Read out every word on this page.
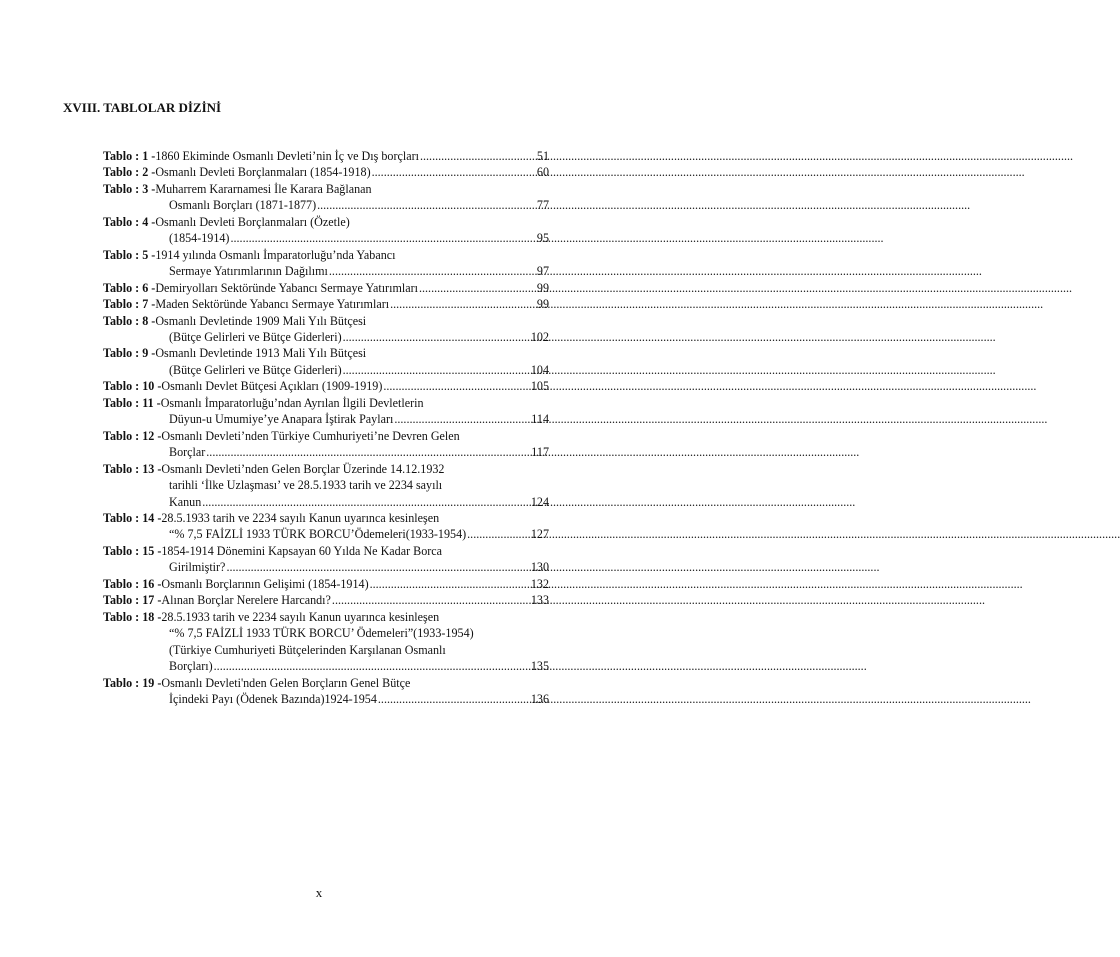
XVIII. TABLOLAR DİZİNİ
Tablo : 1 - 1860 Ekiminde Osmanlı Devleti’nin İç ve Dış borçları .....	51
Tablo : 2 - Osmanlı Devleti Borçlanmaları (1854-1918) .....	60
Tablo : 3 - Muharrem Kararnamesi İle Karara Bağlanan
Osmanlı Borçları (1871-1877) .....	77
Tablo : 4 - Osmanlı Devleti Borçlanmaları (Özetle)
(1854-1914) .....	95
Tablo : 5 - 1914 yılında Osmanlı İmparatorluğu’nda Yabancı
Sermaye Yatırımlarının Dağılımı .....	97
Tablo : 6 - Demiryolları Sektöründe Yabancı Sermaye Yatırımları .....	99
Tablo : 7 - Maden Sektöründe Yabancı Sermaye Yatırımları .....	99
Tablo : 8 - Osmanlı Devletinde 1909 Mali Yılı Bütçesi
(Bütçe Gelirleri ve Bütçe Giderleri) .....	102
Tablo : 9 - Osmanlı Devletinde 1913 Mali Yılı Bütçesi
(Bütçe Gelirleri ve Bütçe Giderleri) .....	104
Tablo : 10 - Osmanlı Devlet Bütçesi Açıkları (1909-1919) .....	105
Tablo : 11 - Osmanlı İmparatorluğu’ndan Ayrılan İlgili Devletlerin
Düyun-u Umumiye’ye Anapara İştirak Payları .....	114
Tablo : 12 - Osmanlı Devleti’nden Türkiye Cumhuriyeti’ne Devren Gelen
Borçlar .....	117
Tablo : 13 - Osmanlı Devleti’nden Gelen Borçlar Üzerinde 14.12.1932
tarihli ‘İlke Uzlaşması’ ve 28.5.1933 tarih ve 2234 sayılı
Kanun .....	124
Tablo : 14 - 28.5.1933 tarih ve 2234 sayılı Kanun uyarınca kesinleşen
“% 7,5 FAİZLİ 1933 TÜRK BORCU’Ödemeleri(1933-1954) .....	127
Tablo : 15 - 1854-1914 Dönemini Kapsayan 60 Yılda Ne Kadar Borca
Girilmiştir? .....	130
Tablo : 16 - Osmanlı Borçlarının Gelişimi (1854-1914) .....	132
Tablo : 17 - Alınan Borçlar Nerelere Harcandı? .....	133
Tablo : 18 - 28.5.1933 tarih ve 2234 sayılı Kanun uyarınca kesinleşen
“% 7,5 FAİZLİ 1933 TÜRK BORCU’ Ödemeleri”(1933-1954)
(Türkiye Cumhuriyeti Bütçelerinden Karşılanan Osmanlı
Borçları) .....	135
Tablo : 19 - Osmanlı Devleti'nden Gelen Borçların Genel Bütçe
İçindeki Payı (Ödenek Bazında)1924-1954 .....	136
x
